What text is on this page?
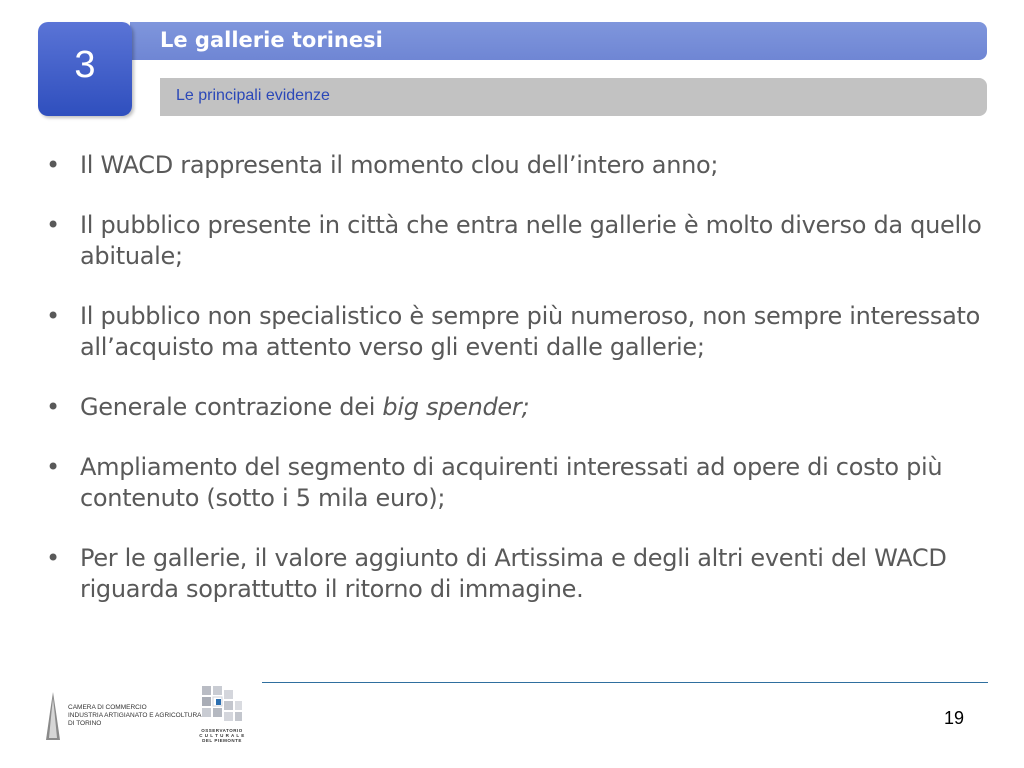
Le gallerie torinesi
Le principali evidenze
3
• Il WACD rappresenta il momento clou dell’intero anno;
• Il pubblico presente in città che entra nelle gallerie è molto diverso da quello abituale;
• Il pubblico non specialistico è sempre più numeroso, non sempre interessato all’acquisto ma attento verso gli eventi dalle gallerie;
• Generale contrazione dei big spender;
• Ampliamento del segmento di acquirenti interessati ad opere di costo più contenuto (sotto i 5 mila euro);
• Per le gallerie, il valore aggiunto di Artissima e degli altri eventi del WACD riguarda soprattutto il ritorno di immagine.
CAMERA DI COMMERCIO
INDUSTRIA ARTIGIANATO E AGRICOLTURA
DI TORINO
OSSERVATORIO
C U L T U R A L E
DEL PIEMONTE
19
